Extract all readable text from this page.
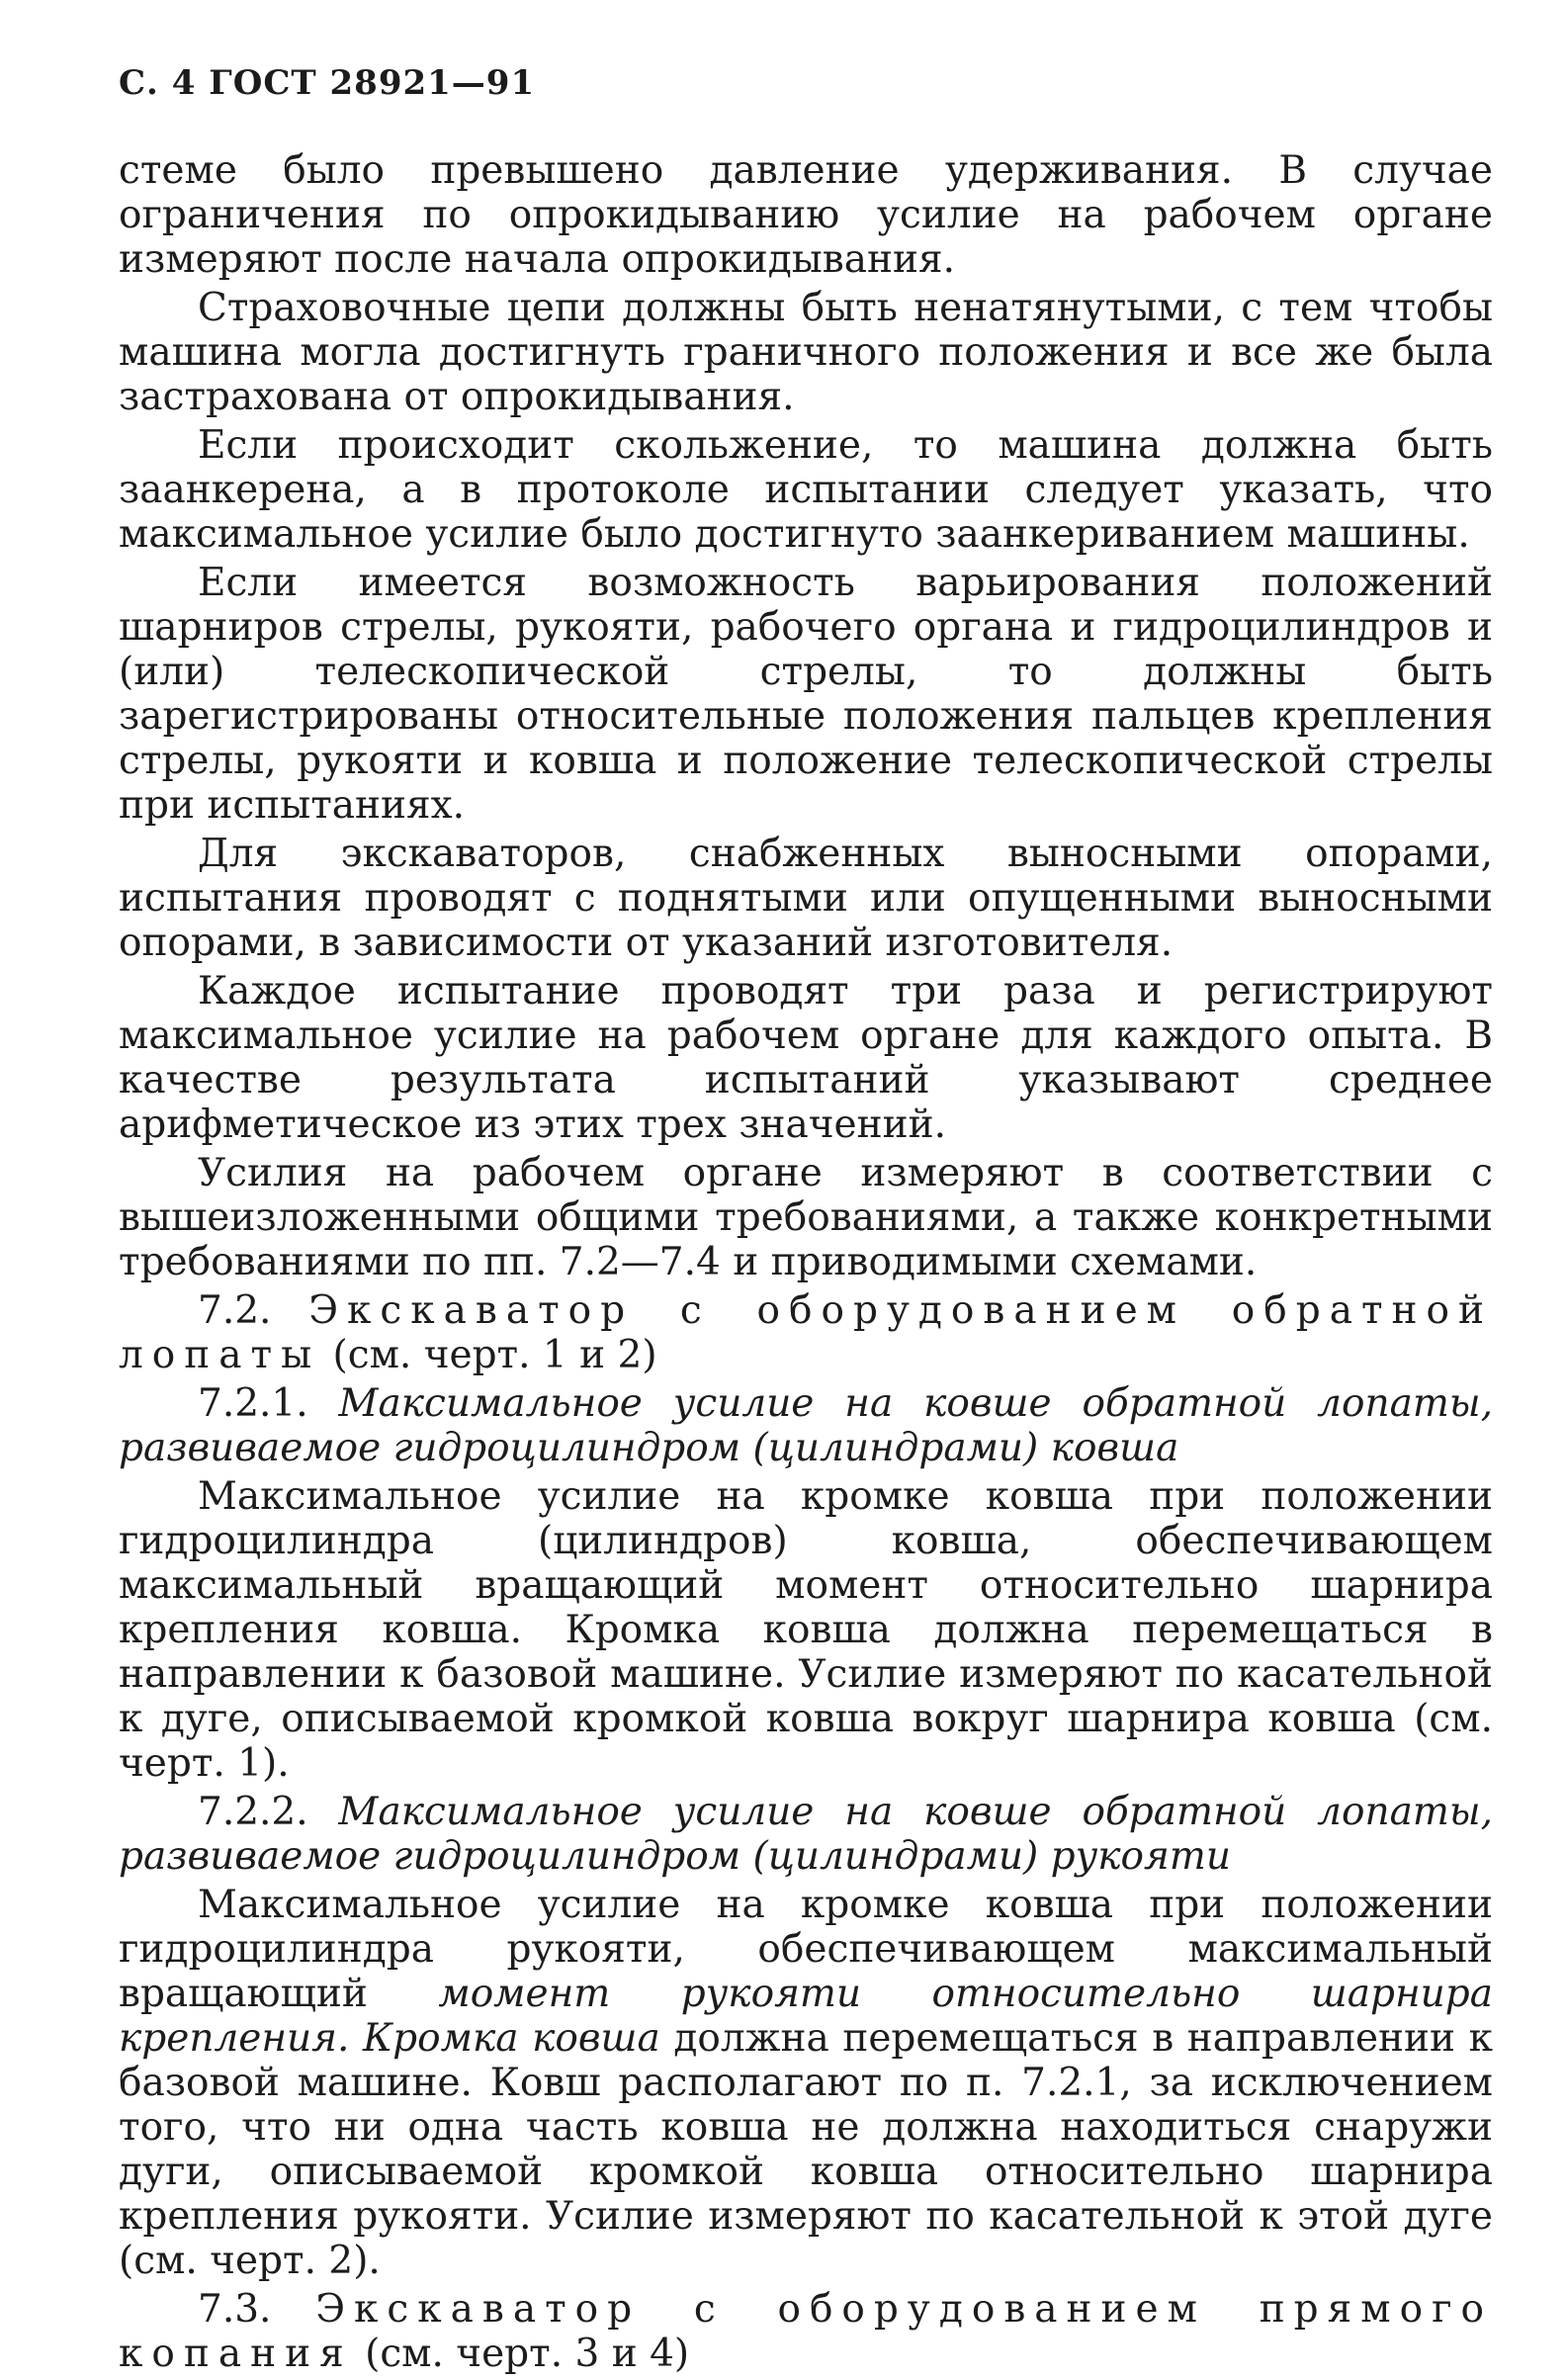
С. 4 ГОСТ 28921—91

стеме было превышено давление удерживания. В случае ограничения по опрокидыванию усилие на рабочем органе измеряют после начала опрокидывания.

Страховочные цепи должны быть ненатянутыми, с тем чтобы машина могла достигнуть граничного положения и все же была застрахована от опрокидывания.

Если происходит скольжение, то машина должна быть заанкерена, а в протоколе испытании следует указать, что максимальное усилие было достигнуто заанкериванием машины.

Если имеется возможность варьирования положений шарниров стрелы, рукояти, рабочего органа и гидроцилиндров и (или) телескопической стрелы, то должны быть зарегистрированы относительные положения пальцев крепления стрелы, рукояти и ковша и положение телескопической стрелы при испытаниях.

Для экскаваторов, снабженных выносными опорами, испытания проводят с поднятыми или опущенными выносными опорами, в зависимости от указаний изготовителя.

Каждое испытание проводят три раза и регистрируют максимальное усилие на рабочем органе для каждого опыта. В качестве результата испытаний указывают среднее арифметическое из этих трех значений.

Усилия на рабочем органе измеряют в соответствии с вышеизложенными общими требованиями, а также конкретными требованиями по пп. 7.2—7.4 и приводимыми схемами.

7.2. Экскаватор с оборудованием обратной лопаты (см. черт. 1 и 2)

7.2.1. Максимальное усилие на ковше обратной лопаты, развиваемое гидроцилиндром (цилиндрами) ковша

Максимальное усилие на кромке ковша при положении гидроцилиндра (цилиндров) ковша, обеспечивающем максимальный вращающий момент относительно шарнира крепления ковша. Кромка ковша должна перемещаться в направлении к базовой машине. Усилие измеряют по касательной к дуге, описываемой кромкой ковша вокруг шарнира ковша (см. черт. 1).

7.2.2. Максимальное усилие на ковше обратной лопаты, развиваемое гидроцилиндром (цилиндрами) рукояти

Максимальное усилие на кромке ковша при положении гидроцилиндра рукояти, обеспечивающем максимальный вращающий момент рукояти относительно шарнира крепления. Кромка ковша должна перемещаться в направлении к базовой машине. Ковш располагают по п. 7.2.1, за исключением того, что ни одна часть ковша не должна находиться снаружи дуги, описываемой кромкой ковша относительно шарнира крепления рукояти. Усилие измеряют по касательной к этой дуге (см. черт. 2).

7.3. Экскаватор с оборудованием прямого копания (см. черт. 3 и 4)
